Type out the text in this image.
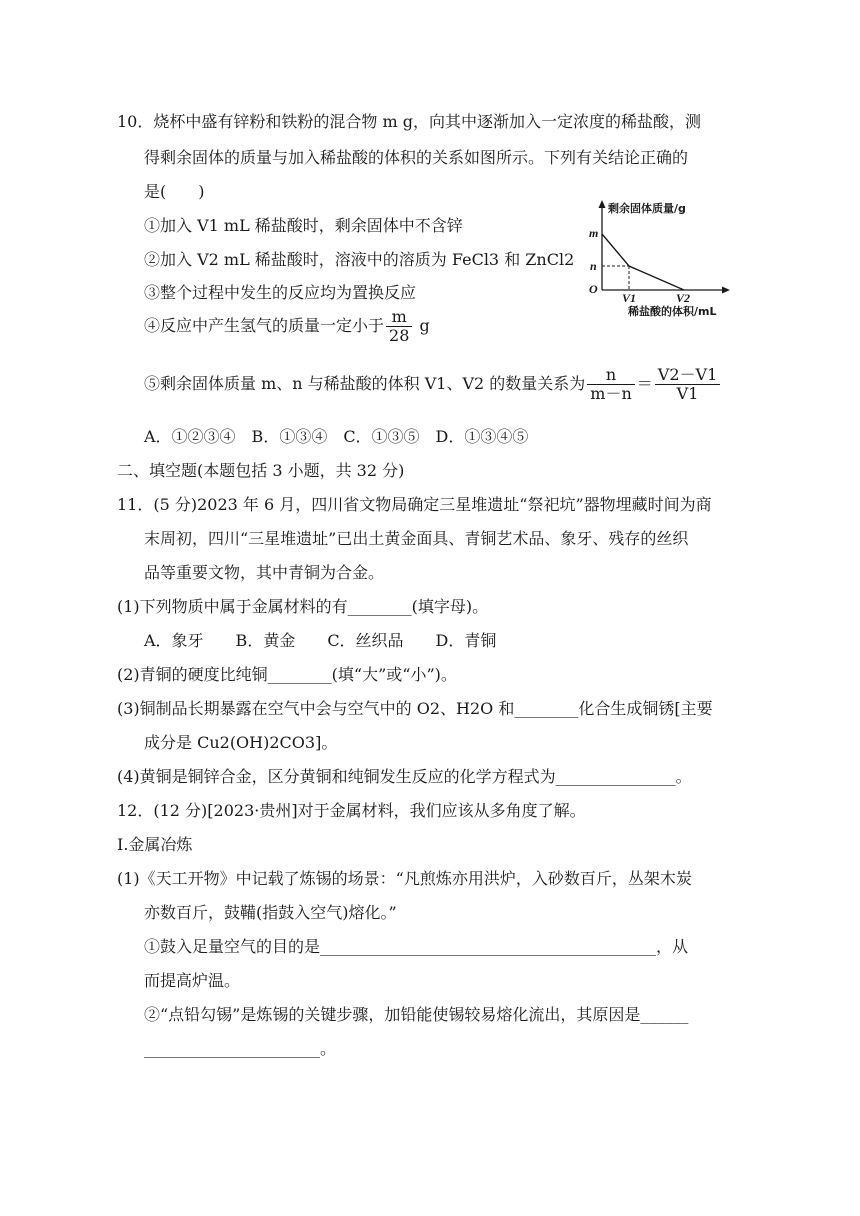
10．烧杯中盛有锌粉和铁粉的混合物 m g，向其中逐渐加入一定浓度的稀盐酸，测
得剩余固体的质量与加入稀盐酸的体积的关系如图所示。下列有关结论正确的
是(　　)
①加入 V1 mL 稀盐酸时，剩余固体中不含锌
②加入 V2 mL 稀盐酸时，溶液中的溶质为 FeCl3 和 ZnCl2
③整个过程中发生的反应均为置换反应
④反应中产生氢气的质量一定小于 $\frac{m}{28}$ g
⑤剩余固体质量 m、n 与稀盐酸的体积 V1、V2 的数量关系为 $\frac{n}{m-n} = \frac{V2-V1}{V1}$
A．①②③④　B．①③④　C．①③⑤　D．①③④⑤
剩余固体质量/g
m
n
O
V1	V2
稀盐酸的体积/mL
二、填空题(本题包括 3 小题，共 32 分)
11．(5 分)2023 年 6 月，四川省文物局确定三星堆遗址“祭祀坑”器物埋藏时间为商
末周初，四川“三星堆遗址”已出土黄金面具、青铜艺术品、象牙、残存的丝织
品等重要文物，其中青铜为合金。
(1)下列物质中属于金属材料的有________(填字母)。
A．象牙　　B．黄金　　C．丝织品　　D．青铜
(2)青铜的硬度比纯铜________(填“大”或“小”)。
(3)铜制品长期暴露在空气中会与空气中的 O2、H2O 和________化合生成铜锈[主要
成分是 Cu2(OH)2CO3]。
(4)黄铜是铜锌合金，区分黄铜和纯铜发生反应的化学方程式为_______________。
12．(12 分)[2023·贵州]对于金属材料，我们应该从多角度了解。
Ⅰ.金属冶炼
(1)《天工开物》中记载了炼锡的场景：“凡煎炼亦用洪炉，入砂数百斤，丛架木炭
亦数百斤，鼓鞴(指鼓入空气)熔化。”
①鼓入足量空气的目的是__________________________________________，从
而提高炉温。
②“点铅勾锡”是炼锡的关键步骤，加铅能使锡较易熔化流出，其原因是______
______________________。
